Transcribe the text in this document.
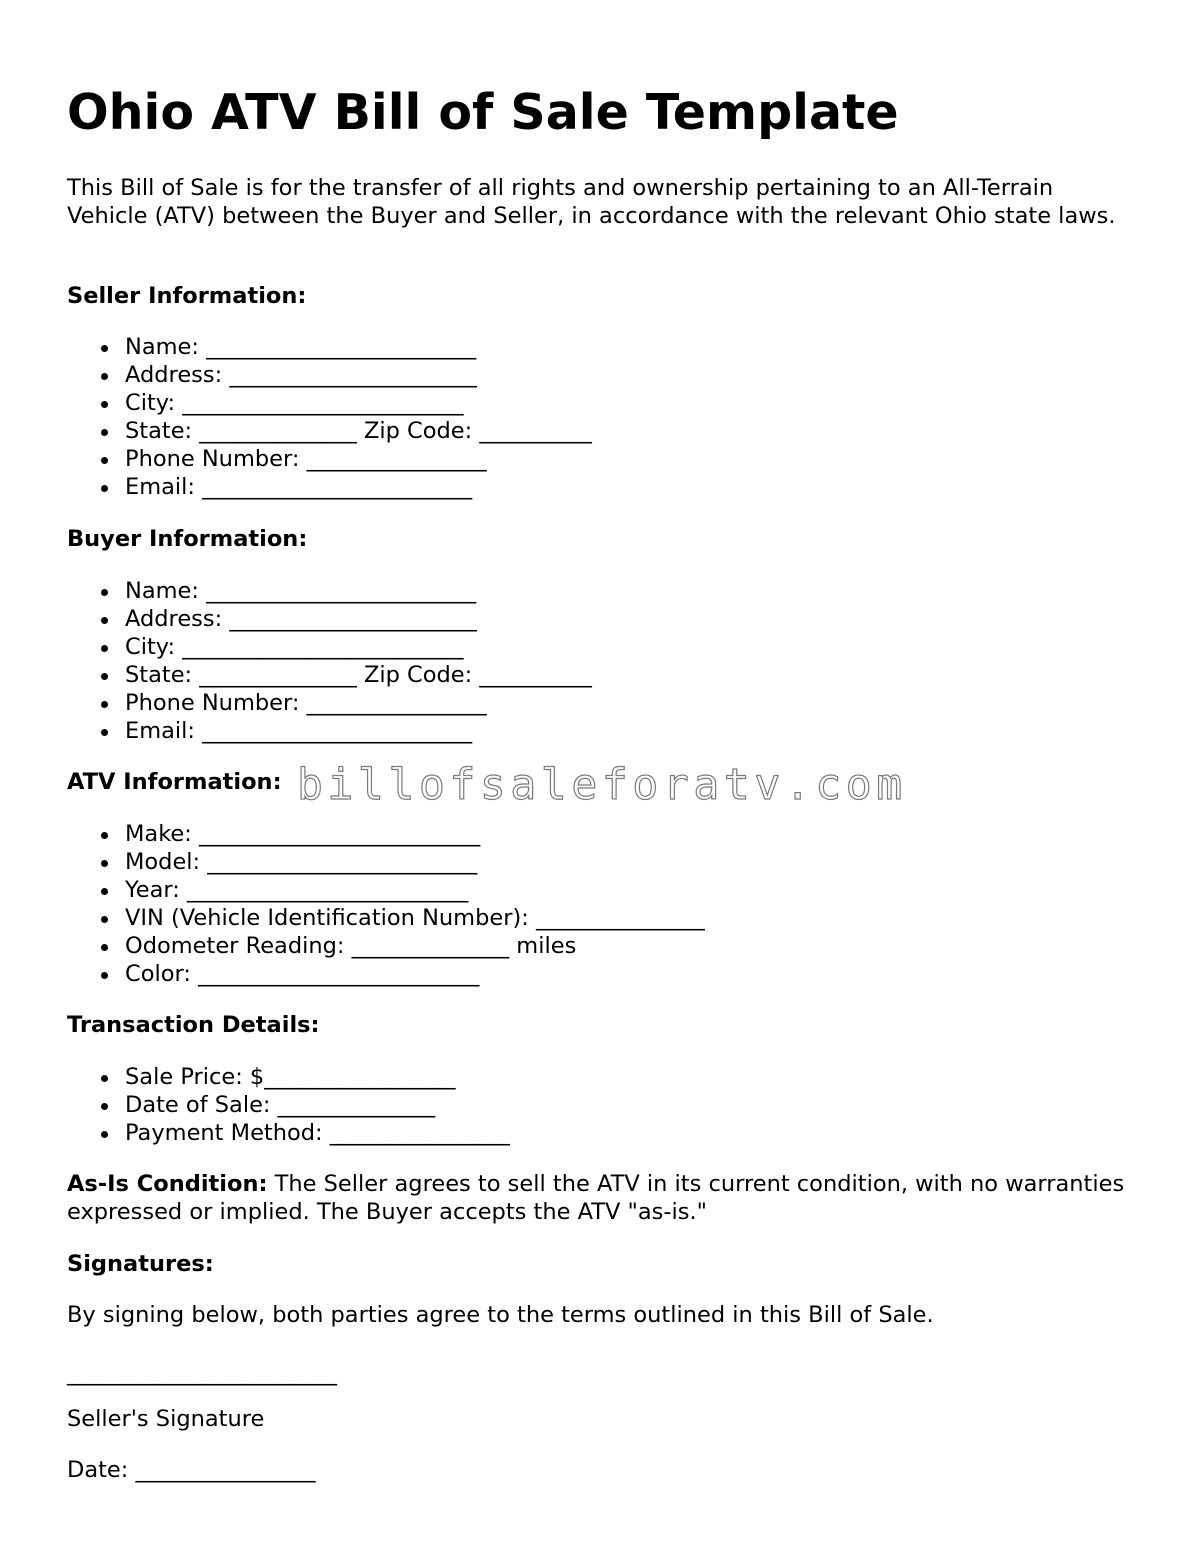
Ohio ATV Bill of Sale Template

This Bill of Sale is for the transfer of all rights and ownership pertaining to an All-Terrain Vehicle (ATV) between the Buyer and Seller, in accordance with the relevant Ohio state laws.

Seller Information:

Name: ________________________
Address: ______________________
City: _________________________
State: ______________ Zip Code: __________
Phone Number: ________________
Email: ________________________

Buyer Information:

Name: ________________________
Address: ______________________
City: _________________________
State: ______________ Zip Code: __________
Phone Number: ________________
Email: ________________________

ATV Information:

Make: _________________________
Model: ________________________
Year: _________________________
VIN (Vehicle Identification Number): _______________
Odometer Reading: ______________ miles
Color: _________________________

Transaction Details:

Sale Price: $_________________
Date of Sale: ______________
Payment Method: ________________

As-Is Condition: The Seller agrees to sell the ATV in its current condition, with no warranties expressed or implied. The Buyer accepts the ATV "as-is."

Signatures:

By signing below, both parties agree to the terms outlined in this Bill of Sale.

________________________
Seller's Signature
Date: ________________
billofsaleforatv.com
